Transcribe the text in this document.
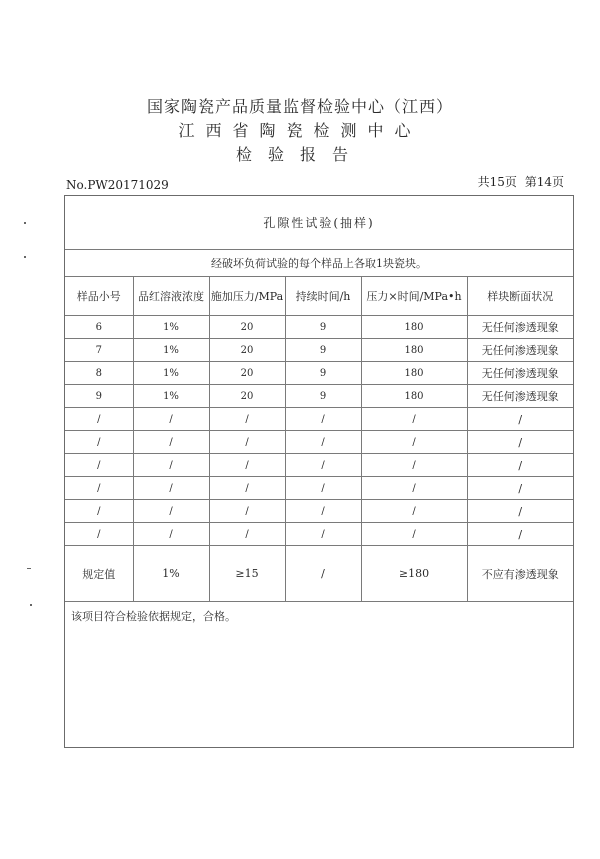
国家陶瓷产品质量监督检验中心（江西）
江西省陶瓷检测中心
检验报告
No.PW20171029	共15页 第14页
孔隙性试验(抽样)					
经破坏负荷试验的每个样品上各取1块瓷块。					
样品小号	品红溶液浓度	施加压力/MPa	持续时间/h	压力×时间/MPa•h	样块断面状况
6	1%	20	9	180	无任何渗透现象
7	1%	20	9	180	无任何渗透现象
8	1%	20	9	180	无任何渗透现象
9	1%	20	9	180	无任何渗透现象
/	/	/	/	/	/
/	/	/	/	/	/
/	/	/	/	/	/
/	/	/	/	/	/
/	/	/	/	/	/
/	/	/	/	/	/
规定值	1%	≥15	/	≥180	不应有渗透现象
该项目符合检验依据规定，合格。
